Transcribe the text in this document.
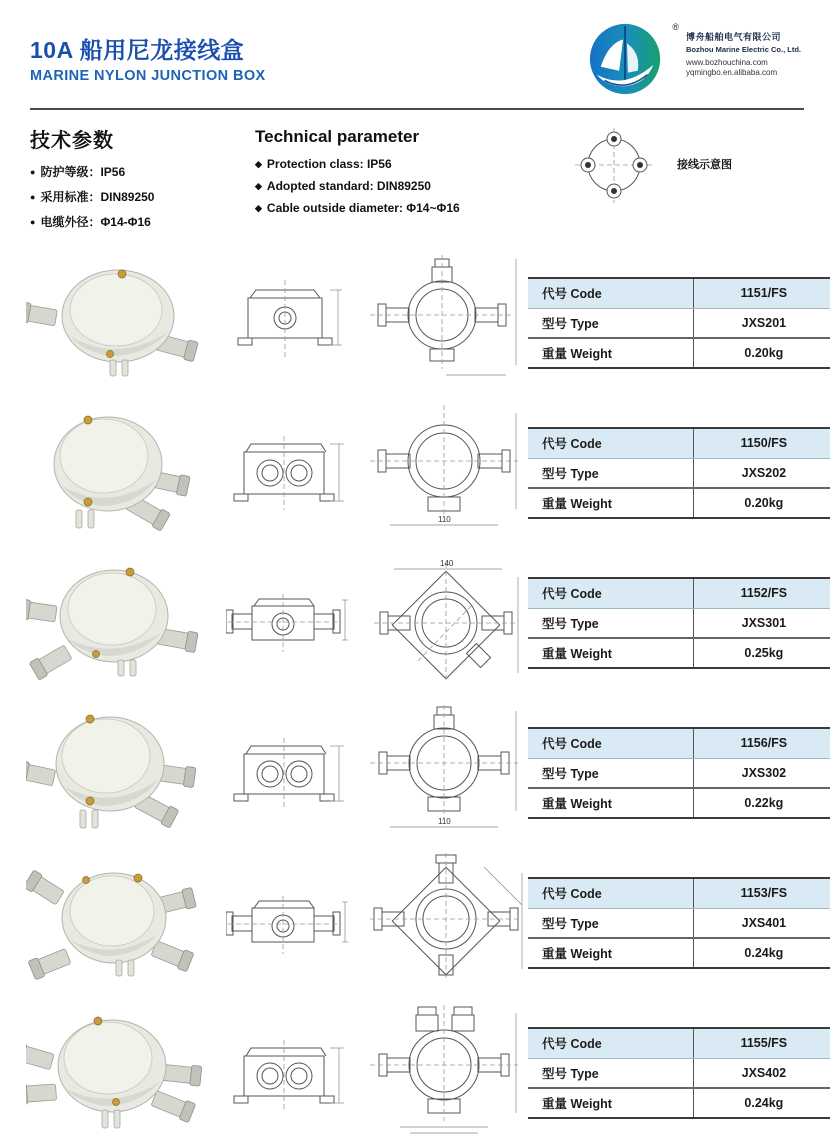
10A 船用尼龙接线盒
MARINE NYLON JUNCTION BOX
®
博舟船舶电气有限公司
Bozhou Marine Electric Co., Ltd.
www.bozhouchina.com
yqmingbo.en.alibaba.com
技术参数
● 防护等级：IP56
● 采用标准：DIN89250
● 电缆外径：Φ14-Φ16
Technical parameter
◆ Protection class: IP56
◆ Adopted standard: DIN89250
◆ Cable outside diameter: Φ14~Φ16
接线示意图
代号 Code	1151/FS
型号 Type	JXS201
重量 Weight	0.20kg
110
代号 Code	1150/FS
型号 Type	JXS202
重量 Weight	0.20kg
140
代号 Code	1152/FS
型号 Type	JXS301
重量 Weight	0.25kg
110
代号 Code	1156/FS
型号 Type	JXS302
重量 Weight	0.22kg
代号 Code	1153/FS
型号 Type	JXS401
重量 Weight	0.24kg
代号 Code	1155/FS
型号 Type	JXS402
重量 Weight	0.24kg
